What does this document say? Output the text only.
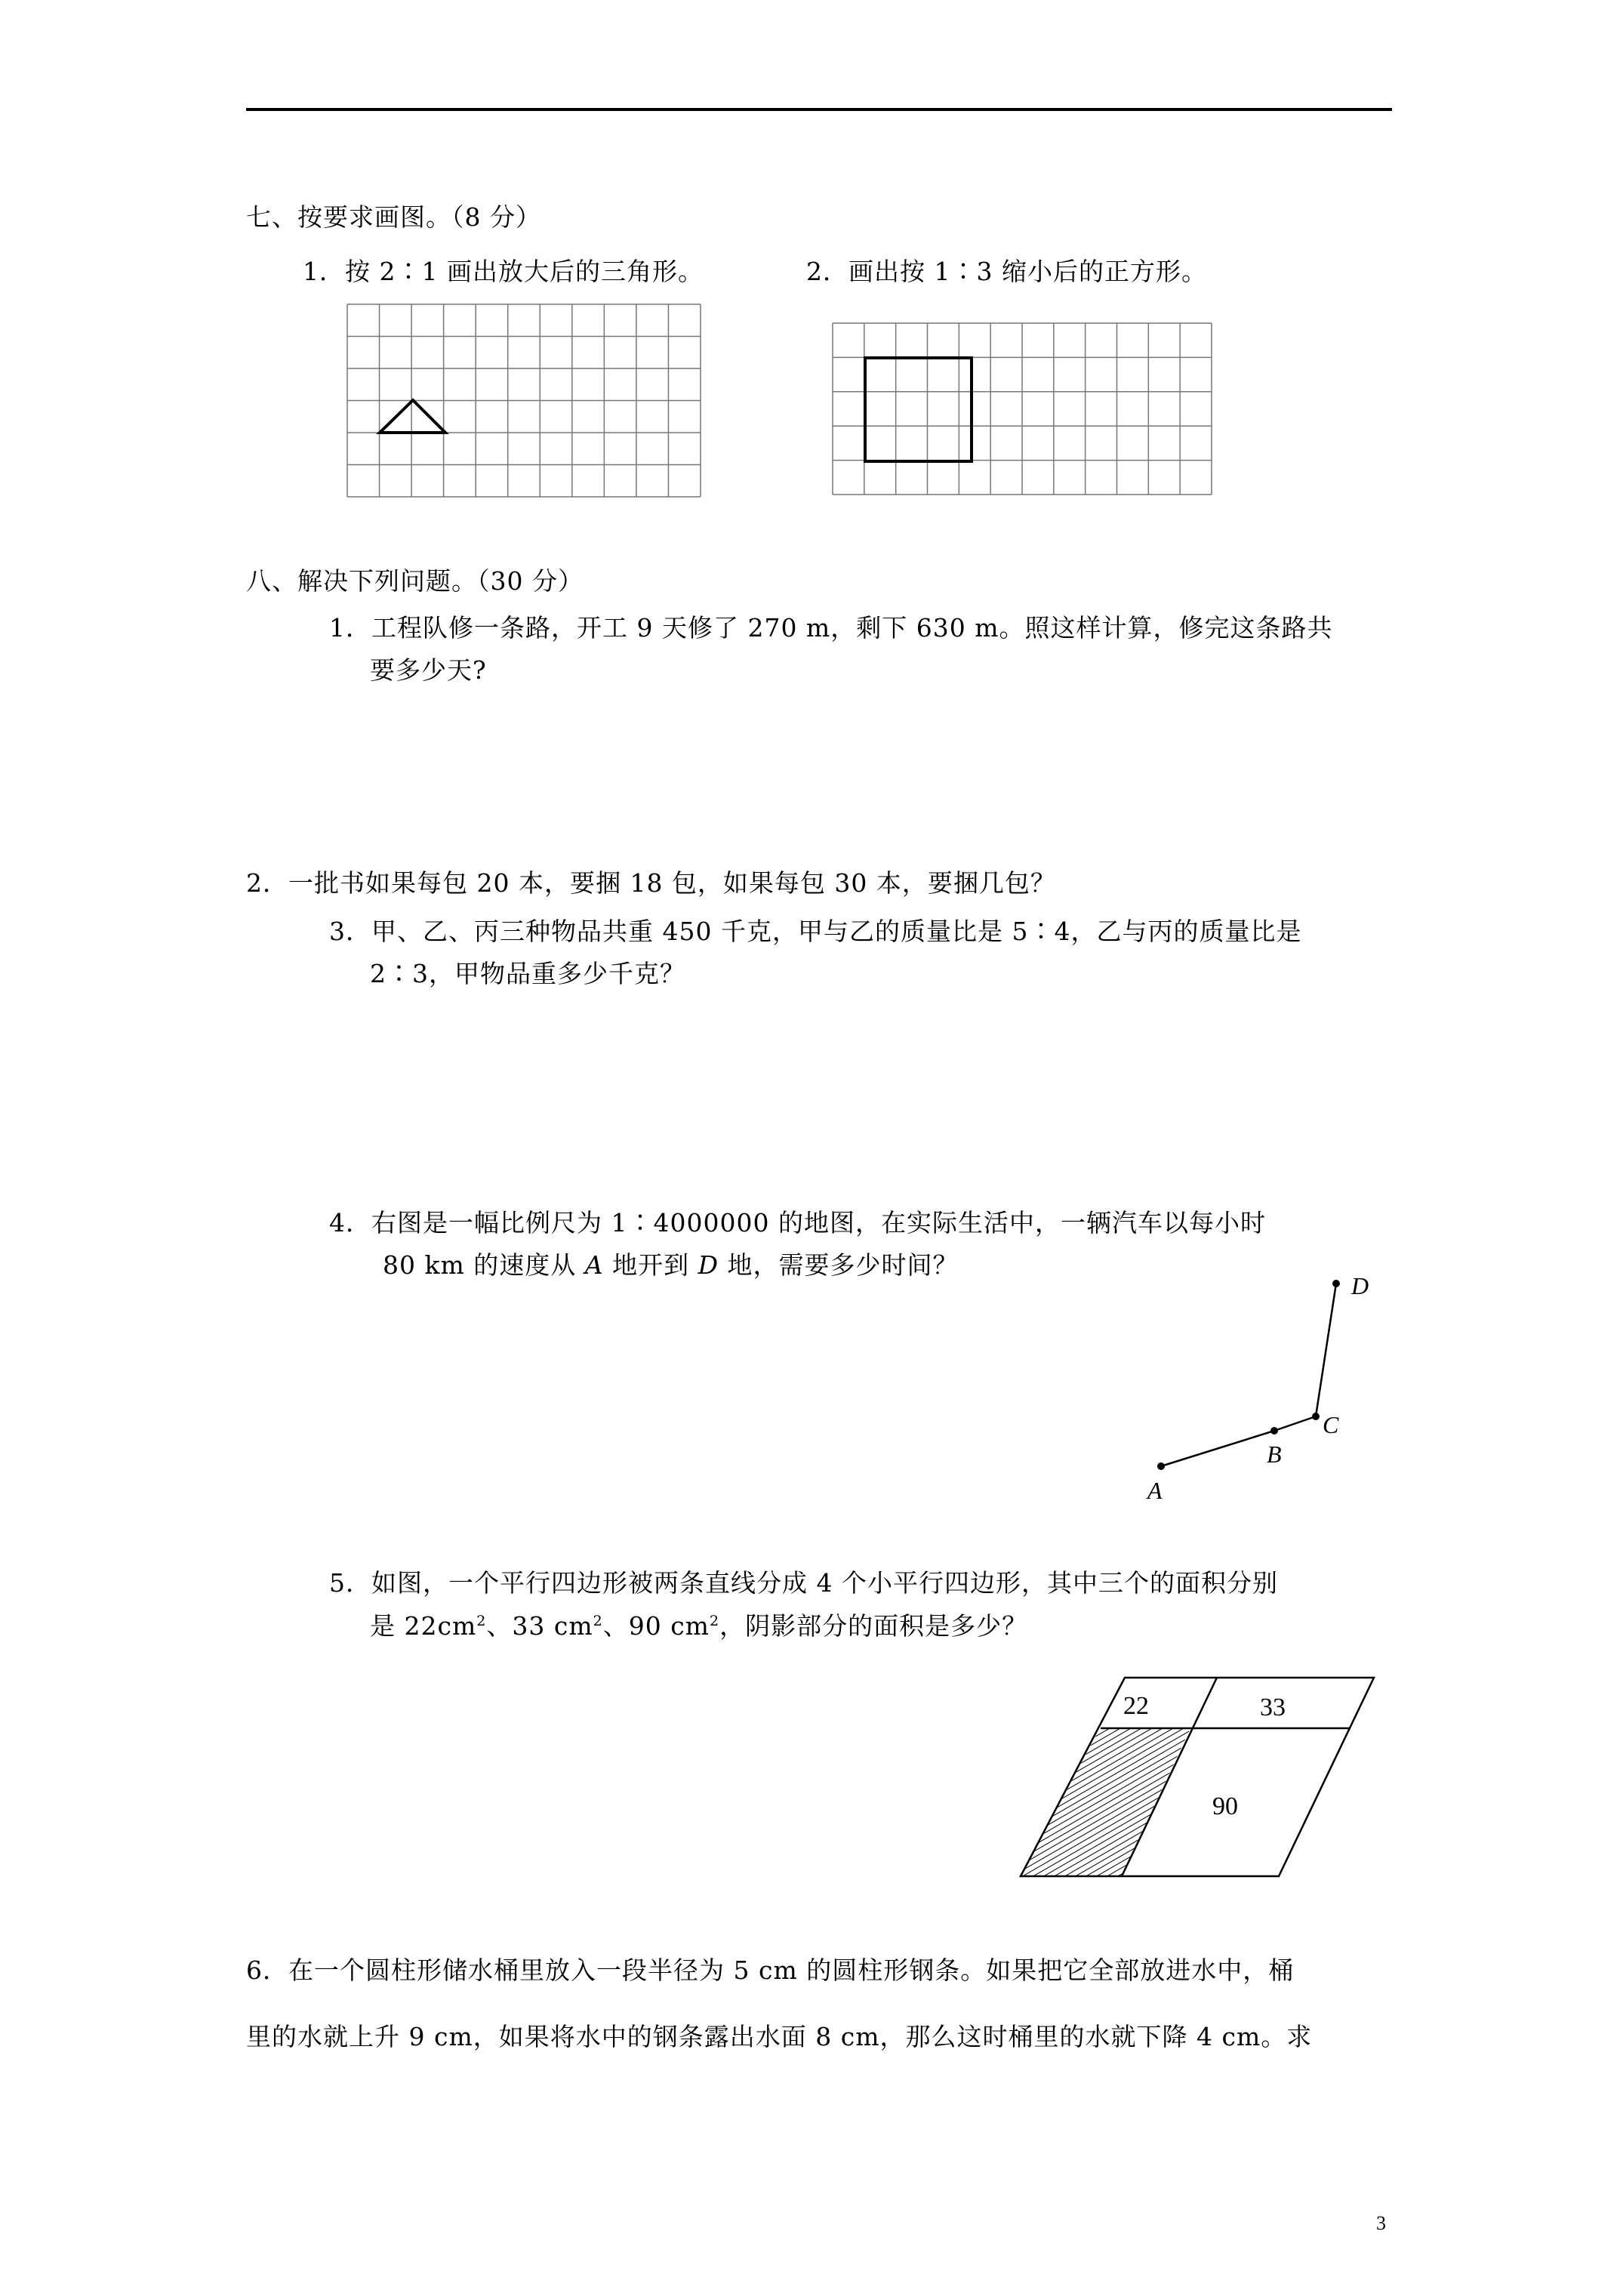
七、按要求画图。（8 分）
1．按 2∶1 画出放大后的三角形。	2．画出按 1∶3 缩小后的正方形。
八、解决下列问题。（30 分）
1．工程队修一条路，开工 9 天修了 270 m，剩下 630 m。照这样计算，修完这条路共
要多少天?
2．一批书如果每包 20 本，要捆 18 包，如果每包 30 本，要捆几包？
3．甲、乙、丙三种物品共重 450 千克，甲与乙的质量比是 5∶4，乙与丙的质量比是
2∶3，甲物品重多少千克？
4．右图是一幅比例尺为 1∶4000000 的地图，在实际生活中，一辆汽车以每小时
80 km 的速度从 A 地开到 D 地，需要多少时间？
A
B
C
D
5．如图，一个平行四边形被两条直线分成 4 个小平行四边形，其中三个的面积分别
是 $22cm^2$、33 $cm^2$、90 $cm^2$，阴影部分的面积是多少？
22	33
90
6．在一个圆柱形储水桶里放入一段半径为 5 cm 的圆柱形钢条。如果把它全部放进水中，桶
里的水就上升 9 cm，如果将水中的钢条露出水面 8 cm，那么这时桶里的水就下降 4 cm。求
3
